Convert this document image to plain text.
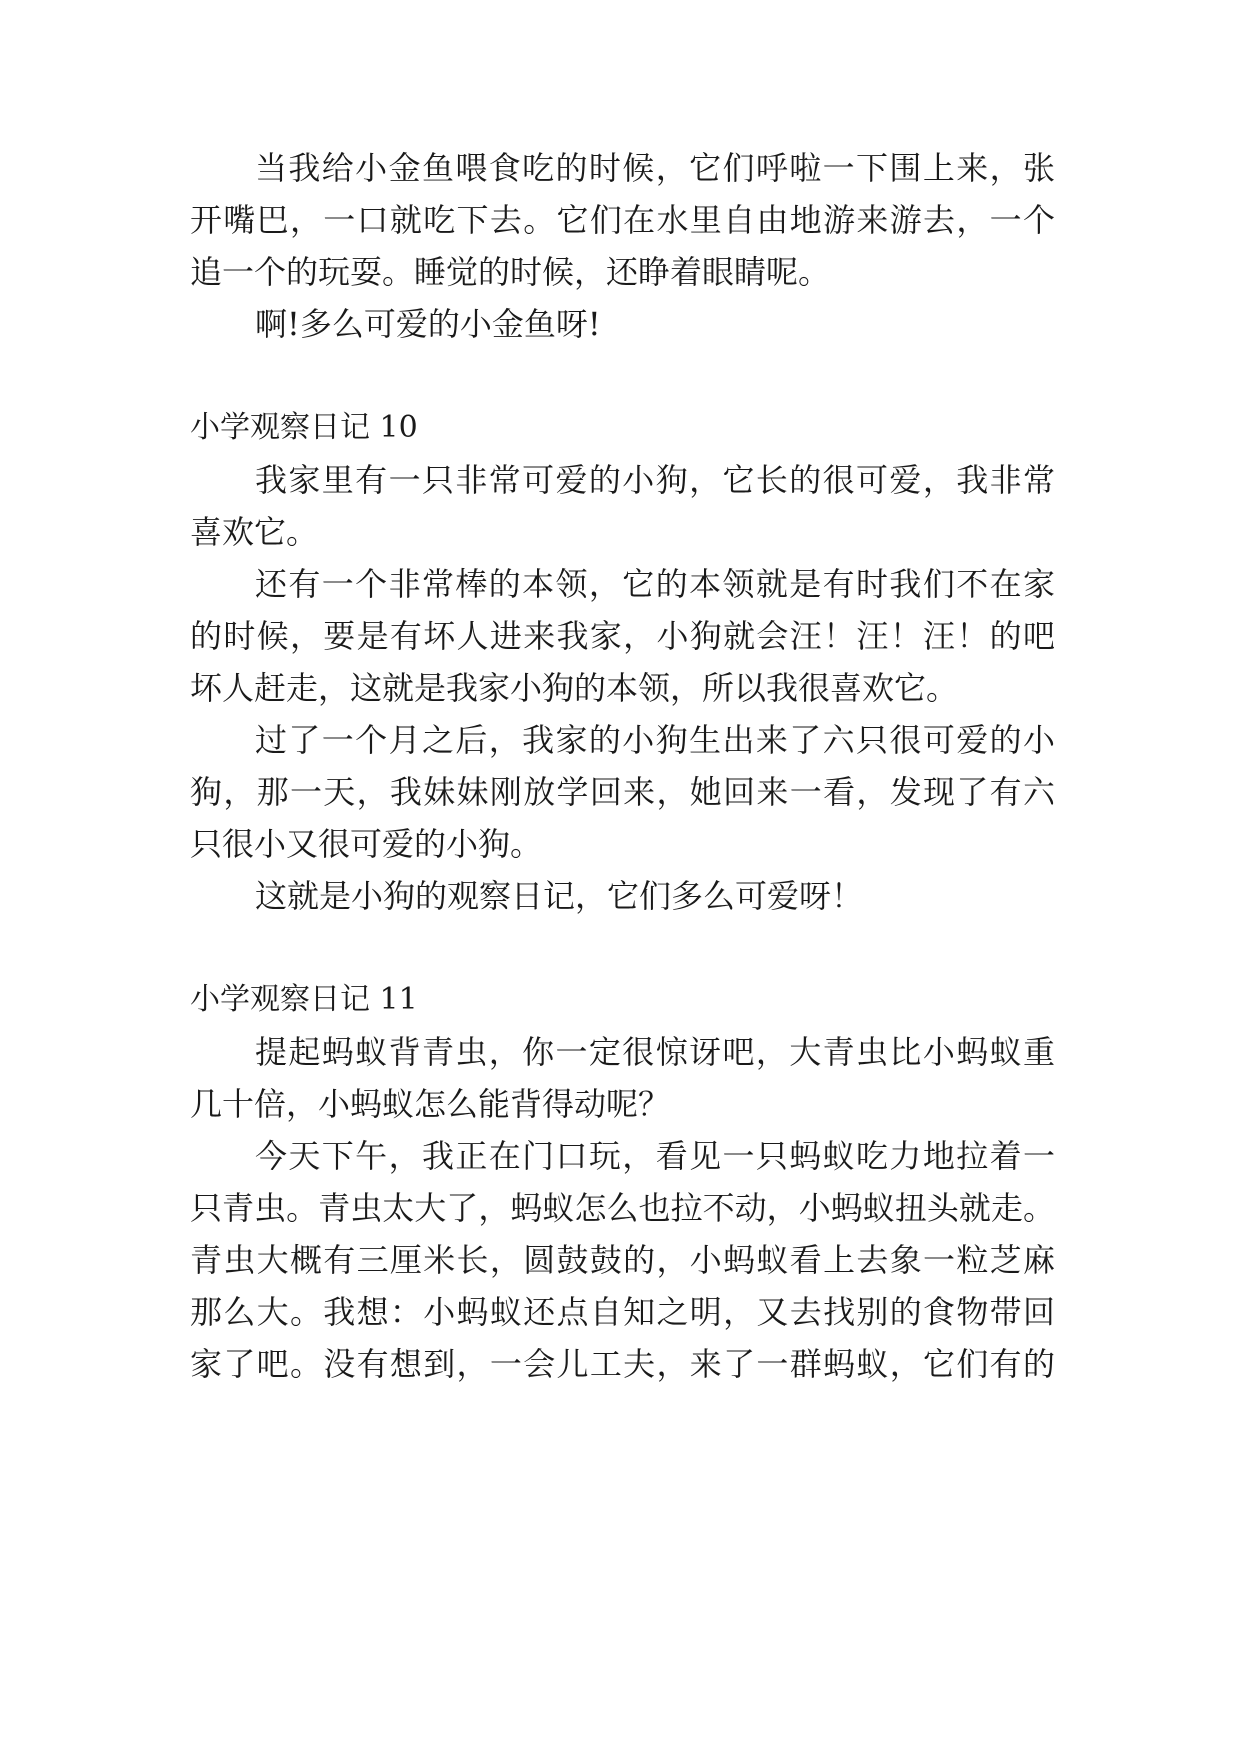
当我给小金鱼喂食吃的时候，它们呼啦一下围上来，张
开嘴巴，一口就吃下去。它们在水里自由地游来游去，一个
追一个的玩耍。睡觉的时候，还睁着眼睛呢。
啊!多么可爱的小金鱼呀!
小学观察日记 10
我家里有一只非常可爱的小狗，它长的很可爱，我非常
喜欢它。
还有一个非常棒的本领，它的本领就是有时我们不在家
的时候，要是有坏人进来我家，小狗就会汪！汪！汪！的吧
坏人赶走，这就是我家小狗的本领，所以我很喜欢它。
过了一个月之后，我家的小狗生出来了六只很可爱的小
狗，那一天，我妹妹刚放学回来，她回来一看，发现了有六
只很小又很可爱的小狗。
这就是小狗的观察日记，它们多么可爱呀！
小学观察日记 11
提起蚂蚁背青虫，你一定很惊讶吧，大青虫比小蚂蚁重
几十倍，小蚂蚁怎么能背得动呢？
今天下午，我正在门口玩，看见一只蚂蚁吃力地拉着一
只青虫。青虫太大了，蚂蚁怎么也拉不动，小蚂蚁扭头就走。
青虫大概有三厘米长，圆鼓鼓的，小蚂蚁看上去象一粒芝麻
那么大。我想：小蚂蚁还点自知之明，又去找别的食物带回
家了吧。没有想到，一会儿工夫，来了一群蚂蚁，它们有的
